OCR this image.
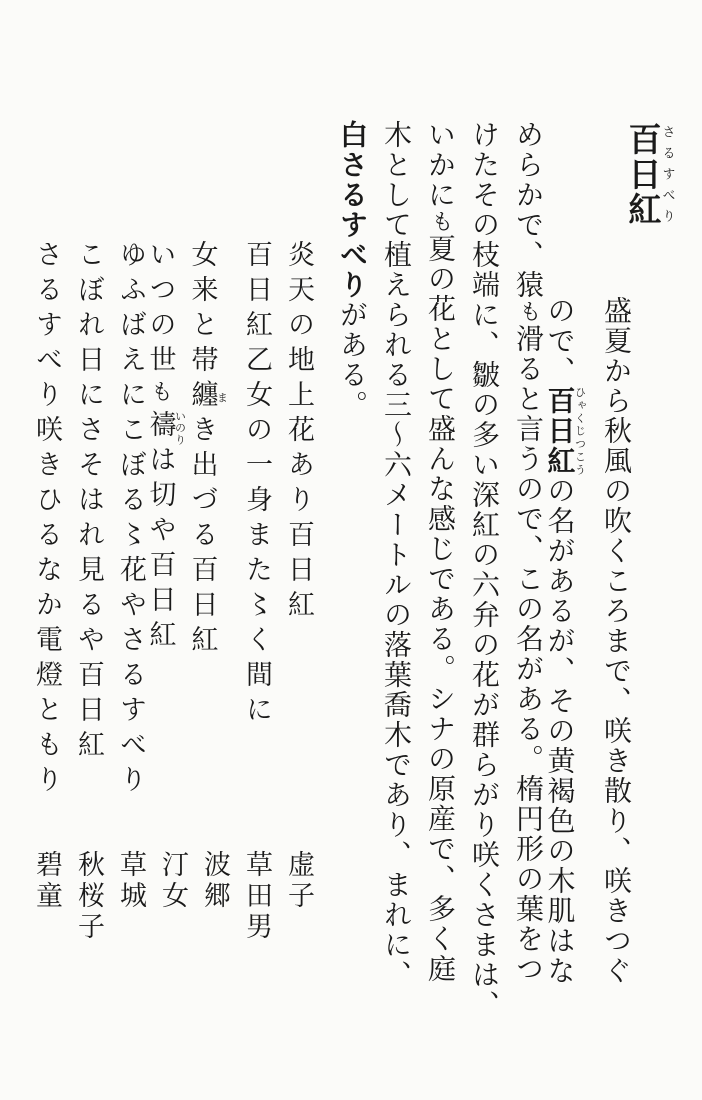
百日紅さるすべり
盛夏から秋風の吹くころまで、咲き散り、咲きつぐ
ので、百日紅ひゃくじつこうの名があるが、その黄褐色の木肌はな
めらかで、猿も滑ると言うので、この名がある。楕円形の葉をつ
けたその枝端に、皺の多い深紅の六弁の花が群らがり咲くさまは、
いかにも夏の花として盛んな感じである。シナの原産で、多く庭
木として植えられる三〜六メートルの落葉喬木であり、まれに、
白さるすべりがある。
炎天の地上花あり百日紅
虚子
百日紅乙女の一身また〻く間に
草田男
女来と帯纏まき出づる百日紅
波郷
いつの世も禱いのりは切や百日紅
汀女
ゆふばえにこぼる〻花やさるすべり
草城
こぼれ日にさそはれ見るや百日紅
秋桜子
さるすべり咲きひるなか電燈ともり
碧童
